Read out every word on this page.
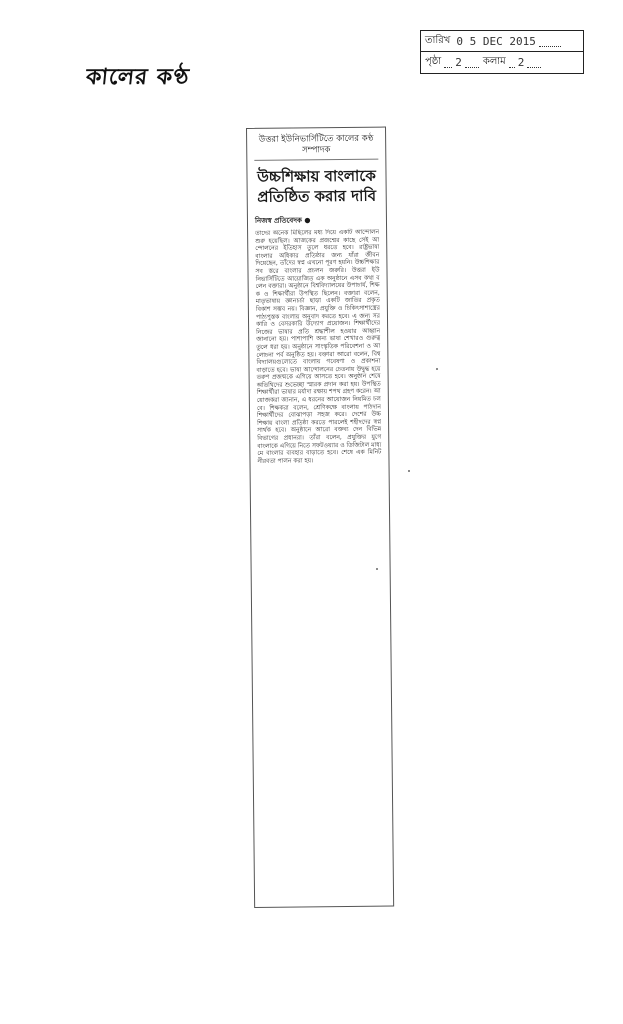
কালের কণ্ঠ
তারিখ 0 5 DEC 2015
পৃষ্ঠা 2	কলাম 2
উত্তরা ইউনিভার্সিটিতে কালের কণ্ঠ সম্পাদক
উচ্চশিক্ষায় বাংলাকে প্রতিষ্ঠিত করার দাবি
নিজস্ব প্রতিবেদক ●
তাদের অনেক মিছিলের মধ্য দিয়ে একটি আন্দোলন শুরু হয়েছিল। আজকের প্রজন্মের কাছে সেই আন্দোলনের ইতিহাস তুলে ধরতে হবে। রাষ্ট্রভাষা বাংলার অধিকার প্রতিষ্ঠার জন্য যাঁরা জীবন দিয়েছেন, তাঁদের স্বপ্ন এখনো পূরণ হয়নি। উচ্চশিক্ষার সব স্তরে বাংলার প্রচলন জরুরি। উত্তরা ইউনিভার্সিটিতে আয়োজিত এক অনুষ্ঠানে এসব কথা বলেন বক্তারা। অনুষ্ঠানে বিশ্ববিদ্যালয়ের উপাচার্য, শিক্ষক ও শিক্ষার্থীরা উপস্থিত ছিলেন। বক্তারা বলেন, মাতৃভাষায় জ্ঞানচর্চা ছাড়া একটি জাতির প্রকৃত বিকাশ সম্ভব নয়। বিজ্ঞান, প্রযুক্তি ও চিকিৎসাশাস্ত্রের পাঠ্যপুস্তক বাংলায় অনুবাদ করতে হবে। এ জন্য সরকারি ও বেসরকারি উদ্যোগ প্রয়োজন। শিক্ষার্থীদের নিজের ভাষার প্রতি শ্রদ্ধাশীল হওয়ার আহ্বান জানানো হয়। পাশাপাশি অন্য ভাষা শেখারও গুরুত্ব তুলে ধরা হয়। অনুষ্ঠানে সাংস্কৃতিক পরিবেশনা ও আলোচনা পর্ব অনুষ্ঠিত হয়। বক্তারা আরো বলেন, বিশ্ববিদ্যালয়গুলোতে বাংলায় গবেষণা ও প্রকাশনা বাড়াতে হবে। ভাষা আন্দোলনের চেতনায় উদ্বুদ্ধ হয়ে তরুণ প্রজন্মকে এগিয়ে আসতে হবে। অনুষ্ঠান শেষে অতিথিদের শুভেচ্ছা স্মারক প্রদান করা হয়। উপস্থিত শিক্ষার্থীরা ভাষার মর্যাদা রক্ষায় শপথ গ্রহণ করেন। আয়োজকরা জানান, এ ধরনের আয়োজন নিয়মিত চলবে। শিক্ষকরা বলেন, শ্রেণিকক্ষে বাংলায় পাঠদান শিক্ষার্থীদের বোঝাপড়া সহজ করে। দেশের উচ্চশিক্ষায় বাংলা প্রতিষ্ঠা করতে পারলেই শহীদদের স্বপ্ন সার্থক হবে। অনুষ্ঠানে আরো বক্তব্য দেন বিভিন্ন বিভাগের প্রধানরা। তাঁরা বলেন, প্রযুক্তির যুগে বাংলাকে এগিয়ে নিতে সফটওয়্যার ও ডিজিটাল মাধ্যমে বাংলার ব্যবহার বাড়াতে হবে। শেষে এক মিনিট নীরবতা পালন করা হয়।
